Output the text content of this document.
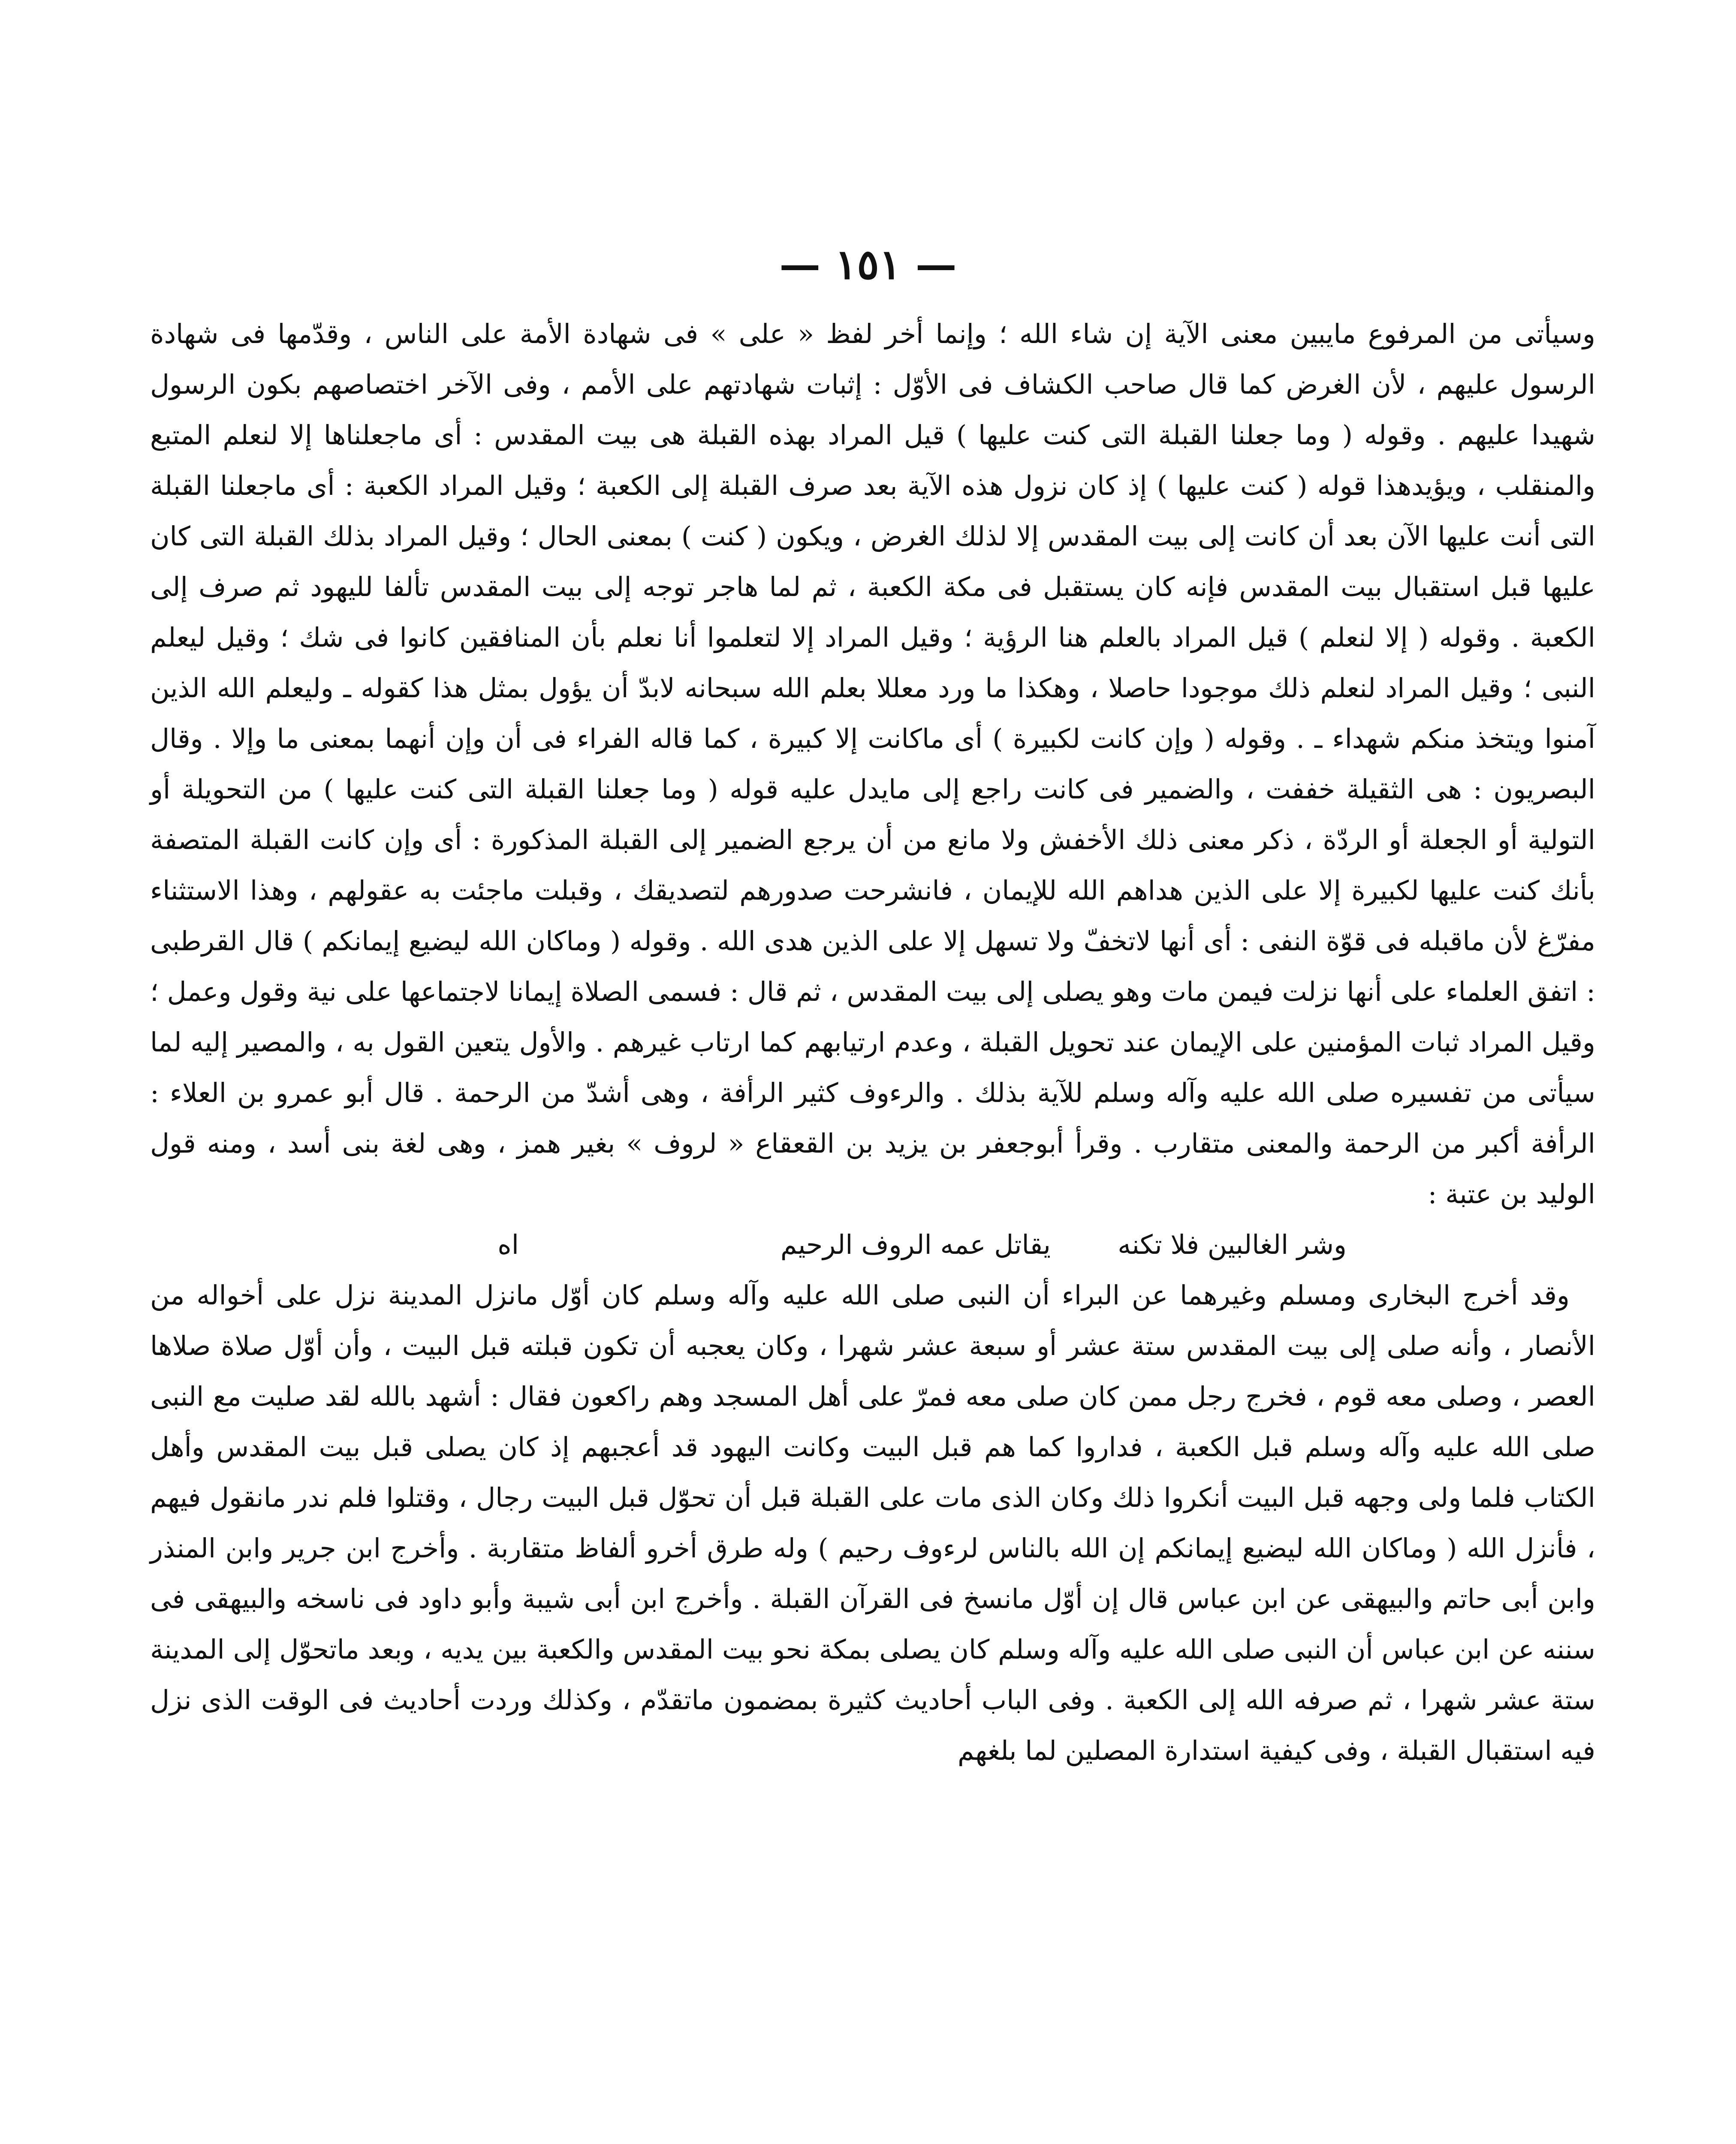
— ١٥١ —

وسيأتى من المرفوع مايبين معنى الآية إن شاء الله ؛ وإنما أخر لفظ « على » فى شهادة الأمة على الناس ، وقدّمها فى شهادة الرسول عليهم ، لأن الغرض كما قال صاحب الكشاف فى الأوّل : إثبات شهادتهم على الأمم ، وفى الآخر اختصاصهم بكون الرسول شهيدا عليهم . وقوله ( وما جعلنا القبلة التى كنت عليها ) قيل المراد بهذه القبلة هى بيت المقدس : أى ماجعلناها إلا لنعلم المتبع والمنقلب ، ويؤيدهذا قوله ( كنت عليها ) إذ كان نزول هذه الآية بعد صرف القبلة إلى الكعبة ؛ وقيل المراد الكعبة : أى ماجعلنا القبلة التى أنت عليها الآن بعد أن كانت إلى بيت المقدس إلا لذلك الغرض ، ويكون ( كنت ) بمعنى الحال ؛ وقيل المراد بذلك القبلة التى كان عليها قبل استقبال بيت المقدس فإنه كان يستقبل فى مكة الكعبة ، ثم لما هاجر توجه إلى بيت المقدس تألفا لليهود ثم صرف إلى الكعبة . وقوله ( إلا لنعلم ) قيل المراد بالعلم هنا الرؤية ؛ وقيل المراد إلا لتعلموا أنا نعلم بأن المنافقين كانوا فى شك ؛ وقيل ليعلم النبى ؛ وقيل المراد لنعلم ذلك موجودا حاصلا ، وهكذا ما ورد معللا بعلم الله سبحانه لابدّ أن يؤول بمثل هذا كقوله ـ وليعلم الله الذين آمنوا ويتخذ منكم شهداء ـ . وقوله ( وإن كانت لكبيرة ) أى ماكانت إلا كبيرة ، كما قاله الفراء فى أن وإن أنهما بمعنى ما وإلا . وقال البصريون : هى الثقيلة خففت ، والضمير فى كانت راجع إلى مايدل عليه قوله ( وما جعلنا القبلة التى كنت عليها ) من التحويلة أو التولية أو الجعلة أو الردّة ، ذكر معنى ذلك الأخفش ولا مانع من أن يرجع الضمير إلى القبلة المذكورة : أى وإن كانت القبلة المتصفة بأنك كنت عليها لكبيرة إلا على الذين هداهم الله للإيمان ، فانشرحت صدورهم لتصديقك ، وقبلت ماجئت به عقولهم ، وهذا الاستثناء مفرّغ لأن ماقبله فى قوّة النفى : أى أنها لاتخفّ ولا تسهل إلا على الذين هدى الله . وقوله ( وماكان الله ليضيع إيمانكم ) قال القرطبى : اتفق العلماء على أنها نزلت فيمن مات وهو يصلى إلى بيت المقدس ، ثم قال : فسمى الصلاة إيمانا لاجتماعها على نية وقول وعمل ؛ وقيل المراد ثبات المؤمنين على الإيمان عند تحويل القبلة ، وعدم ارتيابهم كما ارتاب غيرهم . والأول يتعين القول به ، والمصير إليه لما سيأتى من تفسيره صلى الله عليه وآله وسلم للآية بذلك . والرءوف كثير الرأفة ، وهى أشدّ من الرحمة . قال أبو عمرو بن العلاء : الرأفة أكبر من الرحمة والمعنى متقارب . وقرأ أبوجعفر بن يزيد بن القعقاع « لروف » بغير همز ، وهى لغة بنى أسد ، ومنه قول الوليد بن عتبة :

وشر الغالبين فلا تكنه
يقاتل عمه الروف الرحيم
اه

وقد أخرج البخارى ومسلم وغيرهما عن البراء أن النبى صلى الله عليه وآله وسلم كان أوّل مانزل المدينة نزل على أخواله من الأنصار ، وأنه صلى إلى بيت المقدس ستة عشر أو سبعة عشر شهرا ، وكان يعجبه أن تكون قبلته قبل البيت ، وأن أوّل صلاة صلاها العصر ، وصلى معه قوم ، فخرج رجل ممن كان صلى معه فمرّ على أهل المسجد وهم راكعون فقال : أشهد بالله لقد صليت مع النبى صلى الله عليه وآله وسلم قبل الكعبة ، فداروا كما هم قبل البيت وكانت اليهود قد أعجبهم إذ كان يصلى قبل بيت المقدس وأهل الكتاب فلما ولى وجهه قبل البيت أنكروا ذلك وكان الذى مات على القبلة قبل أن تحوّل قبل البيت رجال ، وقتلوا فلم ندر مانقول فيهم ، فأنزل الله ( وماكان الله ليضيع إيمانكم إن الله بالناس لرءوف رحيم ) وله طرق أخرو ألفاظ متقاربة . وأخرج ابن جرير وابن المنذر وابن أبى حاتم والبيهقى عن ابن عباس قال إن أوّل مانسخ فى القرآن القبلة . وأخرج ابن أبى شيبة وأبو داود فى ناسخه والبيهقى فى سننه عن ابن عباس أن النبى صلى الله عليه وآله وسلم كان يصلى بمكة نحو بيت المقدس والكعبة بين يديه ، وبعد ماتحوّل إلى المدينة ستة عشر شهرا ، ثم صرفه الله إلى الكعبة . وفى الباب أحاديث كثيرة بمضمون ماتقدّم ، وكذلك وردت أحاديث فى الوقت الذى نزل فيه استقبال القبلة ، وفى كيفية استدارة المصلين لما بلغهم
